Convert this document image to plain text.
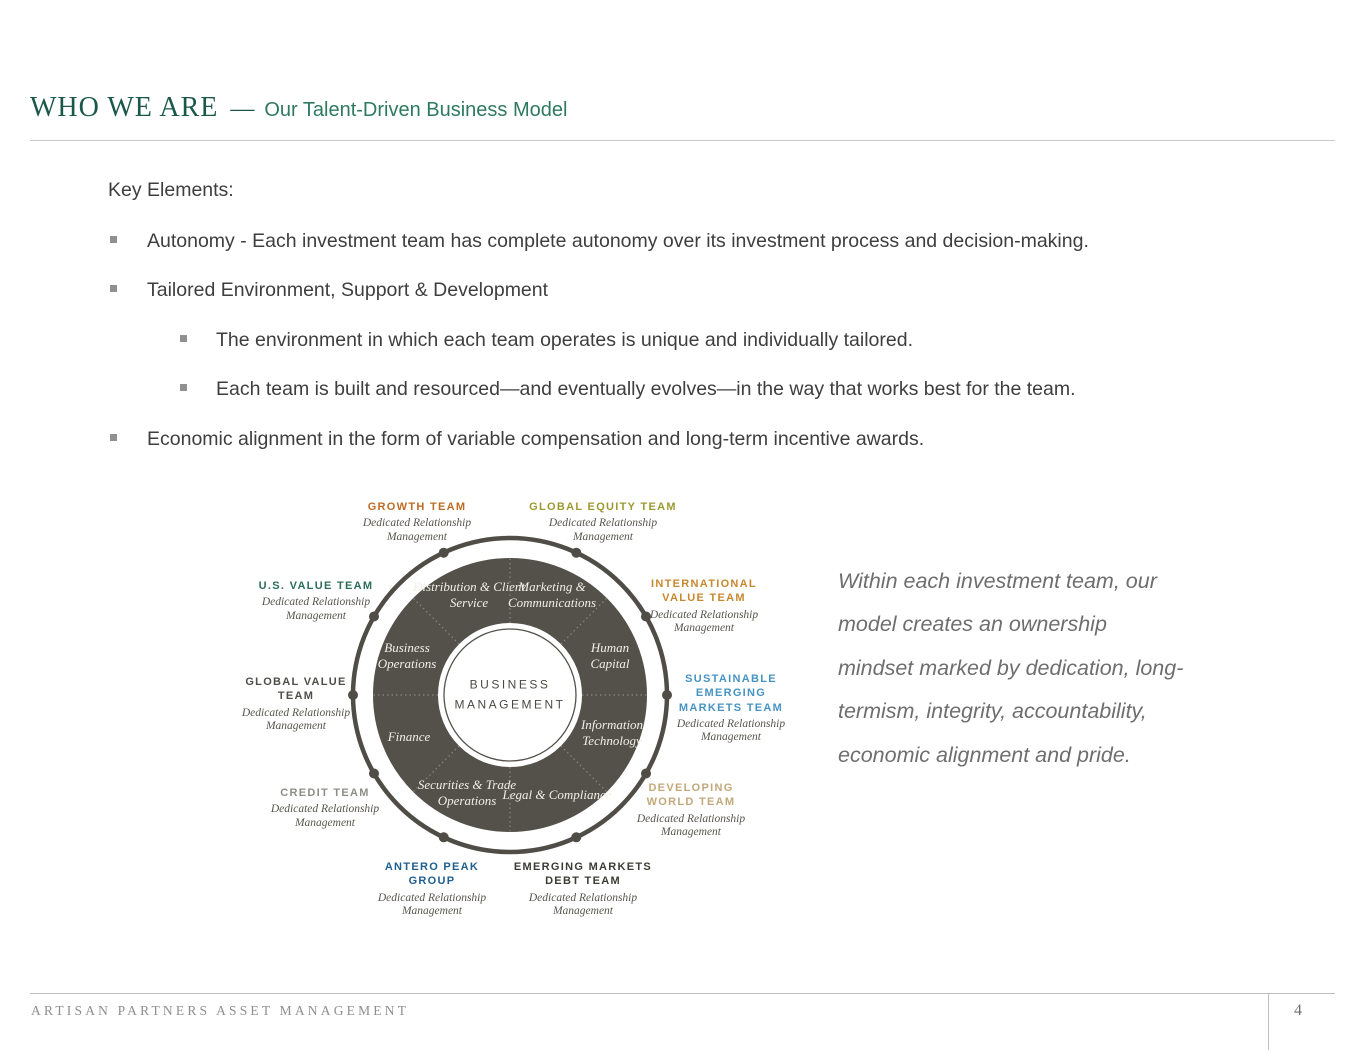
WHO WE ARE — Our Talent-Driven Business Model
Key Elements:
Autonomy - Each investment team has complete autonomy over its investment process and decision-making.
Tailored Environment, Support & Development
The environment in which each team operates is unique and individually tailored.
Each team is built and resourced—and eventually evolves—in the way that works best for the team.
Economic alignment in the form of variable compensation and long-term incentive awards.
Distribution & Client Service
Marketing & Communications
Human Capital
Information Technology
Legal & Compliance
Securities & Trade Operations
Finance
Business Operations
BUSINESS
MANAGEMENT
GROWTH TEAM
Dedicated Relationship Management
GLOBAL EQUITY TEAM
Dedicated Relationship Management
U.S. VALUE TEAM
Dedicated Relationship Management
INTERNATIONAL VALUE TEAM
Dedicated Relationship Management
GLOBAL VALUE TEAM
Dedicated Relationship Management
SUSTAINABLE EMERGING MARKETS TEAM
Dedicated Relationship Management
CREDIT TEAM
Dedicated Relationship Management
DEVELOPING WORLD TEAM
Dedicated Relationship Management
ANTERO PEAK GROUP
Dedicated Relationship Management
EMERGING MARKETS DEBT TEAM
Dedicated Relationship Management
Within each investment team, our
model creates an ownership
mindset marked by dedication, long-
termism, integrity, accountability,
economic alignment and pride.
ARTISAN PARTNERS ASSET MANAGEMENT	4
